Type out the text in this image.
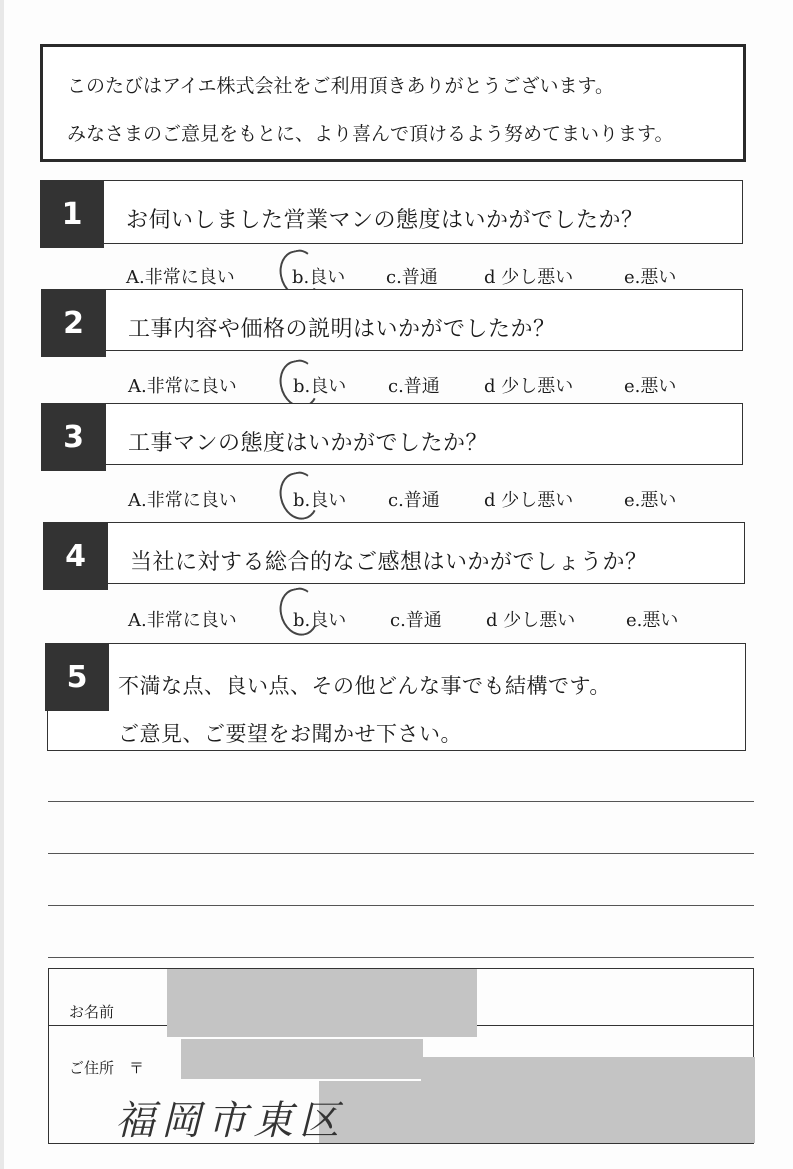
このたびはアイエ株式会社をご利用頂きありがとうございます。
みなさまのご意見をもとに、より喜んで頂けるよう努めてまいります。
1	お伺いしました営業マンの態度はいかがでしたか？
A.非常に良い	b.良い c.普通	d 少し悪い	e.悪い
2	工事内容や価格の説明はいかがでしたか？
A.非常に良い	b.良い c.普通 d 少し悪い	e.悪い
3	工事マンの態度はいかがでしたか？
A.非常に良い	b.良い c.普通 d 少し悪い	e.悪い
4	当社に対する総合的なご感想はいかがでしょうか？
A.非常に良い	b.良い c.普通 d 少し悪い	e.悪い
5	不満な点、良い点、その他どんな事でも結構です。
ご意見、ご要望をお聞かせ下さい。
お名前
ご住所　〒
福岡市東区
